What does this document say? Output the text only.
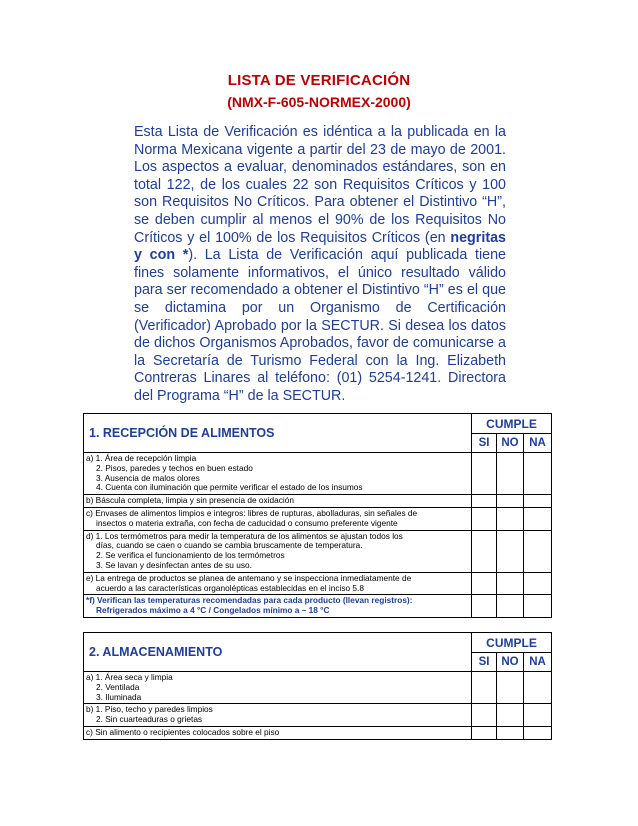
LISTA DE VERIFICACIÓN
(NMX-F-605-NORMEX-2000)
Esta Lista de Verificación es idéntica a la publicada en la Norma Mexicana vigente a partir del 23 de mayo de 2001. Los aspectos a evaluar, denominados estándares, son en total 122, de los cuales 22 son Requisitos Críticos y 100 son Requisitos No Críticos. Para obtener el Distintivo “H”, se deben cumplir al menos el 90% de los Requisitos No Críticos y el 100% de los Requisitos Críticos (en negritas y con *). La Lista de Verificación aquí publicada tiene fines solamente informativos, el único resultado válido para ser recomendado a obtener el Distintivo “H” es el que se dictamina por un Organismo de Certificación (Verificador) Aprobado por la SECTUR. Si desea los datos de dichos Organismos Aprobados, favor de comunicarse a la Secretaría de Turismo Federal con la Ing. Elizabeth Contreras Linares al teléfono: (01) 5254-1241. Directora del Programa “H” de la SECTUR.
1. RECEPCIÓN DE ALIMENTOS	CUMPLE		
	SI	NO	NA

a) 1. Área de recepción limpia
2. Pisos, paredes y techos en buen estado
3. Ausencia de malos olores
4. Cuenta con iluminación que permite verificar el estado de los insumos			

b) Báscula completa, limpia y sin presencia de oxidación			

c) Envases de alimentos limpios e integros: libres de rupturas, abolladuras, sin señales de
insectos o materia extraña, con fecha de caducidad o consumo preferente vigente			

d) 1. Los termómetros para medir la temperatura de los alimentos se ajustan todos los
días, cuando se caen o cuando se cambia bruscamente de temperatura.
2. Se verifica el funcionamiento de los termómetros
3. Se lavan y desinfectan antes de su uso.			

e) La entrega de productos se planea de antemano y se inspecciona inmediatamente de
acuerdo a las características organolépticas establecidas en el inciso 5.8			

*f) Verifican las temperaturas recomendadas para cada producto (llevan registros):
Refrigerados máximo a 4 °C / Congelados mínimo a – 18 °C			

2. ALMACENAMIENTO	CUMPLE		
	SI	NO	NA

a) 1. Área seca y limpia
2. Ventilada
3. Iluminada			

b) 1. Piso, techo y paredes limpios
2. Sin cuarteaduras o grietas			

c) Sin alimento o recipientes colocados sobre el piso			
